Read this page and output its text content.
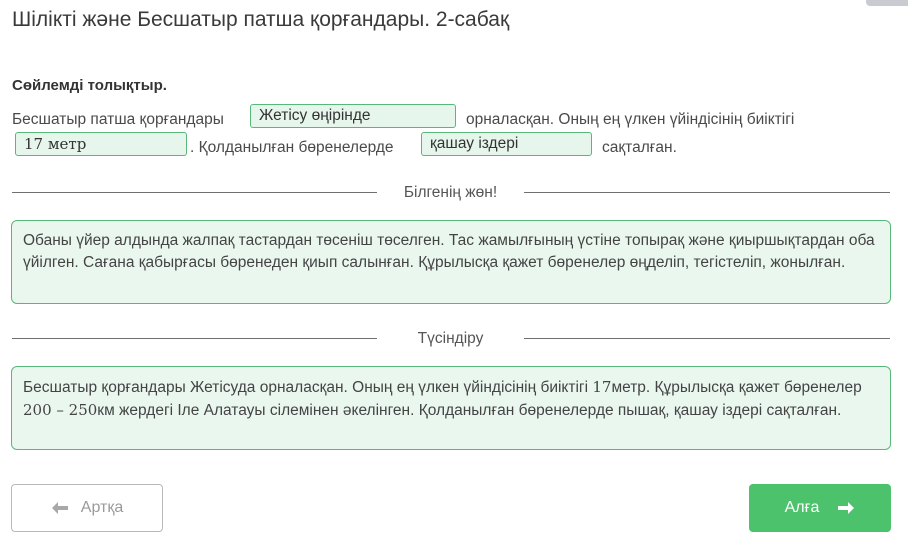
Шілікті және Бесшатыр патша қорғандары. 2-сабақ
Сөйлемді толықтыр.
Бесшатыр патша қорғандары	Жетісу өңірінде	орналасқан. Оның ең үлкен үйіндісінің биіктігі
17 метр	. Қолданылған бөренелерде	қашау іздері	сақталған.
Білгенің жөн!
Обаны үйер алдында жалпақ тастардан төсеніш төселген. Тас жамылғының үстіне топырақ және қиыршықтардан оба үйілген. Сағана қабырғасы бөренеден қиып салынған. Құрылысқа қажет бөренелер өңделіп, тегістеліп, жонылған.
Түсіндіру
Бесшатыр қорғандары Жетісуда орналасқан. Оның ең үлкен үйіндісінің биіктігі 17метр. Құрылысқа қажет бөренелер 200 – 250км жердегі Іле Алатауы сілемінен әкелінген. Қолданылған бөренелерде пышақ, қашау іздері сақталған.
Артқа	Алға
